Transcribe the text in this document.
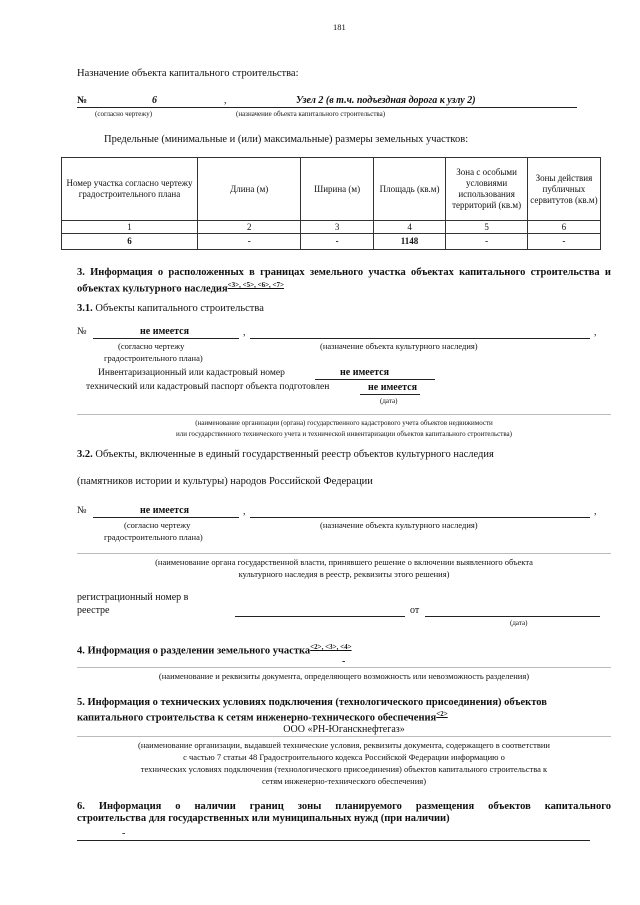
181
Назначение объекта капитального строительства:
№	6	,	Узел 2 (в т.ч. подъездная дорога к узлу 2)
(согласно чертежу)	(назначение объекта капитального строительства)
Предельные (минимальные и (или) максимальные) размеры земельных участков:
Номер участка согласно чертежу градостроительного плана	Длина (м)	Ширина (м)	Площадь (кв.м)	Зона с особыми условиями использования территорий (кв.м)	Зоны действия публичных сервитутов (кв.м)
1	2	3	4	5	6
6	-	-	1148	-	-
3. Информация о расположенных в границах земельного участка объектах капитального строительства и объектах культурного наследия$^{<3>, <5>, <6>, <7>}$
3.1. Объекты капитального строительства
№	не имеется	,	,
(согласно чертежу	(назначение объекта культурного наследия)
градостроительного плана)
Инвентаризационный или кадастровый номер	не имеется
технический или кадастровый паспорт объекта подготовлен	не имеется
(дата)
(наименование организации (органа) государственного кадастрового учета объектов недвижимости
или государственного технического учета и технической инвентаризации объектов капитального строительства)
3.2. Объекты, включенные в единый государственный реестр объектов культурного наследия
(памятников истории и культуры) народов Российской Федерации
№	не имеется	,	,
(согласно чертежу	(назначение объекта культурного наследия)
градостроительного плана)
(наименование органа государственной власти, принявшего решение о включении выявленного объекта
культурного наследия в реестр, реквизиты этого решения)
регистрационный номер в
реестре	от
(дата)
4. Информация о разделении земельного участка$^{<2>, <3>, <4>}$
-
(наименование и реквизиты документа, определяющего возможность или невозможность разделения)
5. Информация о технических условиях подключения (технологического присоединения) объектов
капитального строительства к сетям инженерно-технического обеспечения$^{<2>}$
ООО «РН-Юганскнефтегаз»
(наименование организации, выдавшей технические условия, реквизиты документа, содержащего в соответствии
с частью 7 статьи 48 Градостроительного кодекса Российской Федерации информацию о
технических условиях подключения (технологического присоединения) объектов капитального строительства к
сетям инженерно-технического обеспечения)
6. Информация о наличии границ зоны планируемого размещения объектов капитального
строительства для государственных или муниципальных нужд (при наличии)
-
